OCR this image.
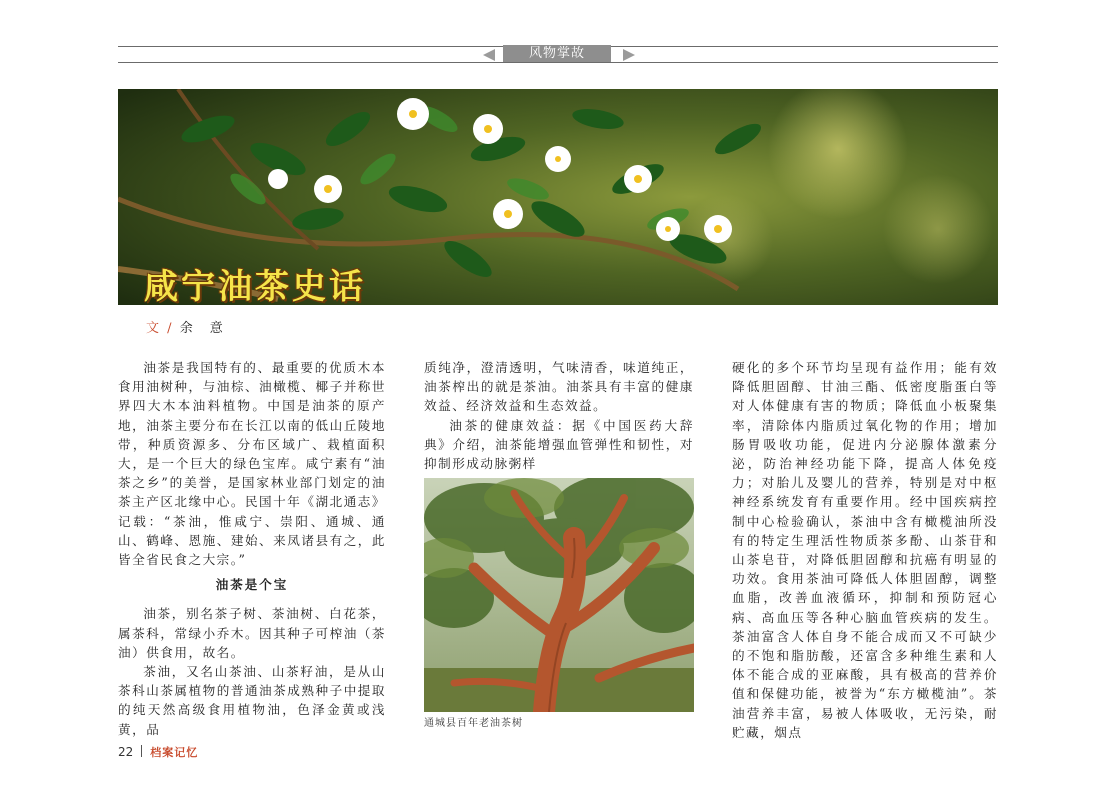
风物掌故
咸宁油茶史话
文 / 余　意

油茶是我国特有的、最重要的优质木本食用油树种，与油棕、油橄榄、椰子并称世界四大木本油料植物。中国是油茶的原产地，油茶主要分布在长江以南的低山丘陵地带，种质资源多、分布区域广、栽植面积大，是一个巨大的绿色宝库。咸宁素有“油茶之乡”的美誉，是国家林业部门划定的油茶主产区北缘中心。民国十年《湖北通志》记载：“茶油，惟咸宁、崇阳、通城、通山、鹤峰、恩施、建始、来凤诸县有之，此皆全省民食之大宗。”

油茶是个宝

油茶，别名茶子树、茶油树、白花茶，属茶科，常绿小乔木。因其种子可榨油（茶油）供食用，故名。

茶油，又名山茶油、山茶籽油，是从山茶科山茶属植物的普通油茶成熟种子中提取的纯天然高级食用植物油，色泽金黄或浅黄，品

质纯净，澄清透明，气味清香，味道纯正，油茶榨出的就是茶油。油茶具有丰富的健康效益、经济效益和生态效益。

油茶的健康效益：据《中国医药大辞典》介绍，油茶能增强血管弹性和韧性，对抑制形成动脉粥样

通城县百年老油茶树

硬化的多个环节均呈现有益作用；能有效降低胆固醇、甘油三酯、低密度脂蛋白等对人体健康有害的物质；降低血小板聚集率，清除体内脂质过氧化物的作用；增加肠胃吸收功能，促进内分泌腺体激素分泌，防治神经功能下降，提高人体免疫力；对胎儿及婴儿的营养，特别是对中枢神经系统发育有重要作用。经中国疾病控制中心检验确认，茶油中含有橄榄油所没有的特定生理活性物质茶多酚、山茶苷和山茶皂苷，对降低胆固醇和抗癌有明显的功效。食用茶油可降低人体胆固醇，调整血脂，改善血液循环，抑制和预防冠心病、高血压等各种心脑血管疾病的发生。茶油富含人体自身不能合成而又不可缺少的不饱和脂肪酸，还富含多种维生素和人体不能合成的亚麻酸，具有极高的营养价值和保健功能，被誉为“东方橄榄油”。茶油营养丰富，易被人体吸收，无污染，耐贮藏，烟点

22 档案记忆
